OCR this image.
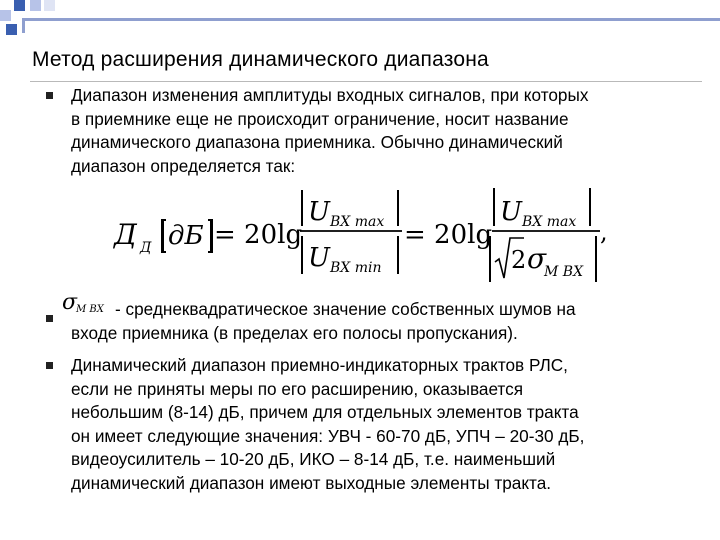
Метод расширения динамического диапазона
Диапазон изменения амплитуды входных сигналов, при которых
в приемнике еще не происходит ограничение, носит название
динамического диапазона приемника. Обычно динамический
диапазон определяется так:
Д Д дБ = 20lg
U BX max
U BX min
= 20lg
U BX max
2 σ
M BX
,
σ
M BX - среднеквадратическое значение собственных шумов на
входе приемника (в пределах его полосы пропускания).
Динамический диапазон приемно-индикаторных трактов РЛС,
если не приняты меры по его расширению, оказывается
небольшим (8-14) дБ, причем для отдельных элементов тракта
он имеет следующие значения: УВЧ - 60-70 дБ, УПЧ – 20-30 дБ,
видеоусилитель – 10-20 дБ, ИКО – 8-14 дБ, т.е. наименьший
динамический диапазон имеют выходные элементы тракта.
